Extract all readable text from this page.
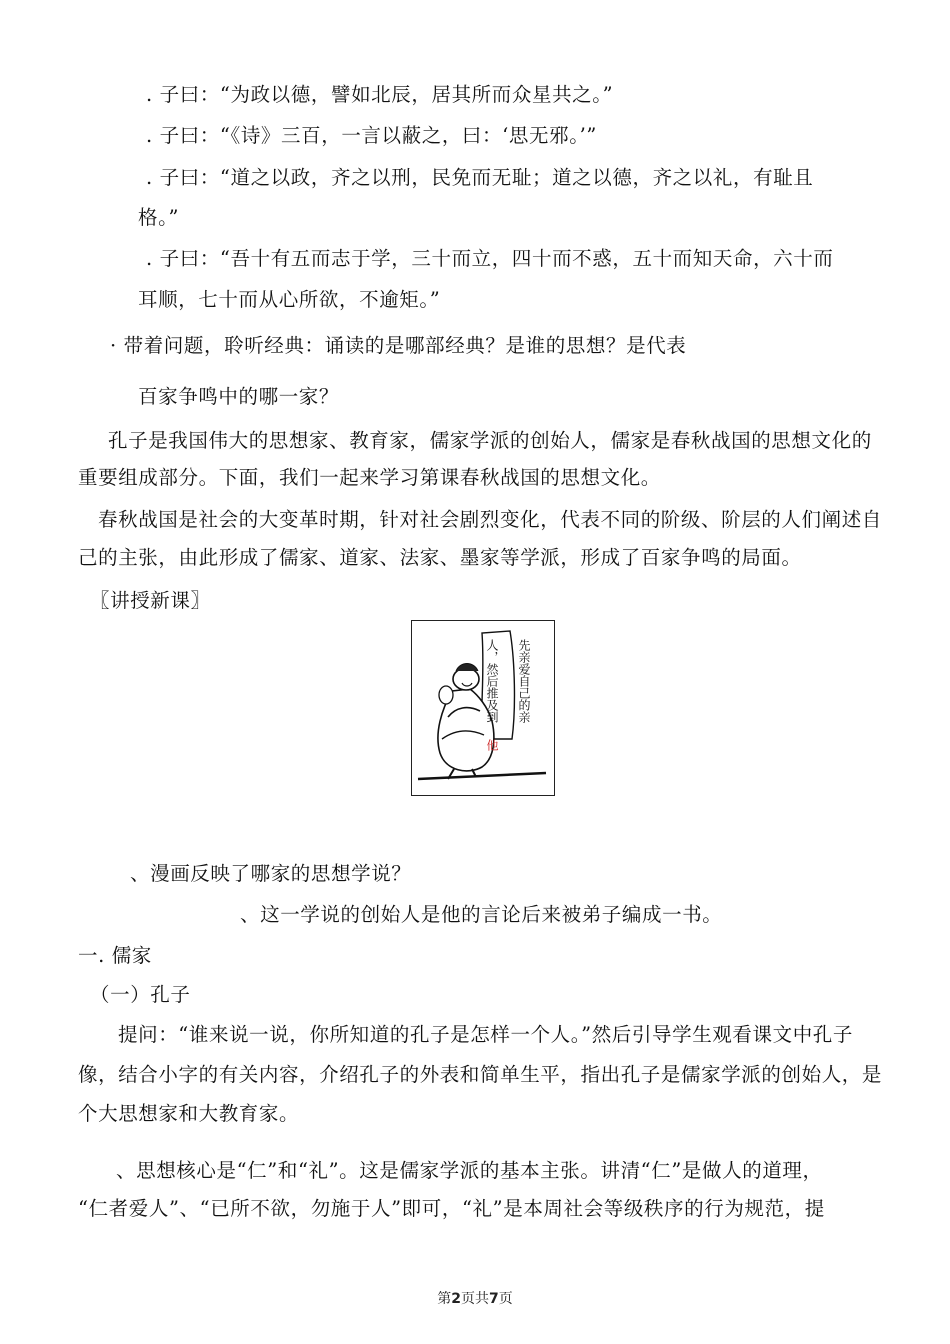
. 子曰：“为政以德，譬如北辰，居其所而众星共之。”
. 子曰：“《诗》三百，一言以蔽之，曰：‘思无邪。’”
. 子曰：“道之以政，齐之以刑，民免而无耻；道之以德，齐之以礼，有耻且
格。”
. 子曰：“吾十有五而志于学，三十而立，四十而不惑，五十而知天命，六十而
耳顺，七十而从心所欲，不逾矩。”
· 带着问题，聆听经典：诵读的是哪部经典？是谁的思想？是代表
百家争鸣中的哪一家？
孔子是我国伟大的思想家、教育家，儒家学派的创始人，儒家是春秋战国的思想文化的
重要组成部分。下面，我们一起来学习第课春秋战国的思想文化。
春秋战国是社会的大变革时期，针对社会剧烈变化，代表不同的阶级、阶层的人们阐述自
己的主张，由此形成了儒家、道家、法家、墨家等学派，形成了百家争鸣的局面。
〖讲授新课〗
先亲爱自己的亲
人，然后推及到
他
、漫画反映了哪家的思想学说？
、这一学说的创始人是他的言论后来被弟子编成一书。
一. 儒家
（一）孔子
提问：“谁来说一说，你所知道的孔子是怎样一个人。”然后引导学生观看课文中孔子
像，结合小字的有关内容，介绍孔子的外表和简单生平，指出孔子是儒家学派的创始人，是
个大思想家和大教育家。
、思想核心是“仁”和“礼”。这是儒家学派的基本主张。讲清“仁”是做人的道理，
“仁者爱人”、“已所不欲，勿施于人”即可，“礼”是本周社会等级秩序的行为规范，提
第2页共7页
